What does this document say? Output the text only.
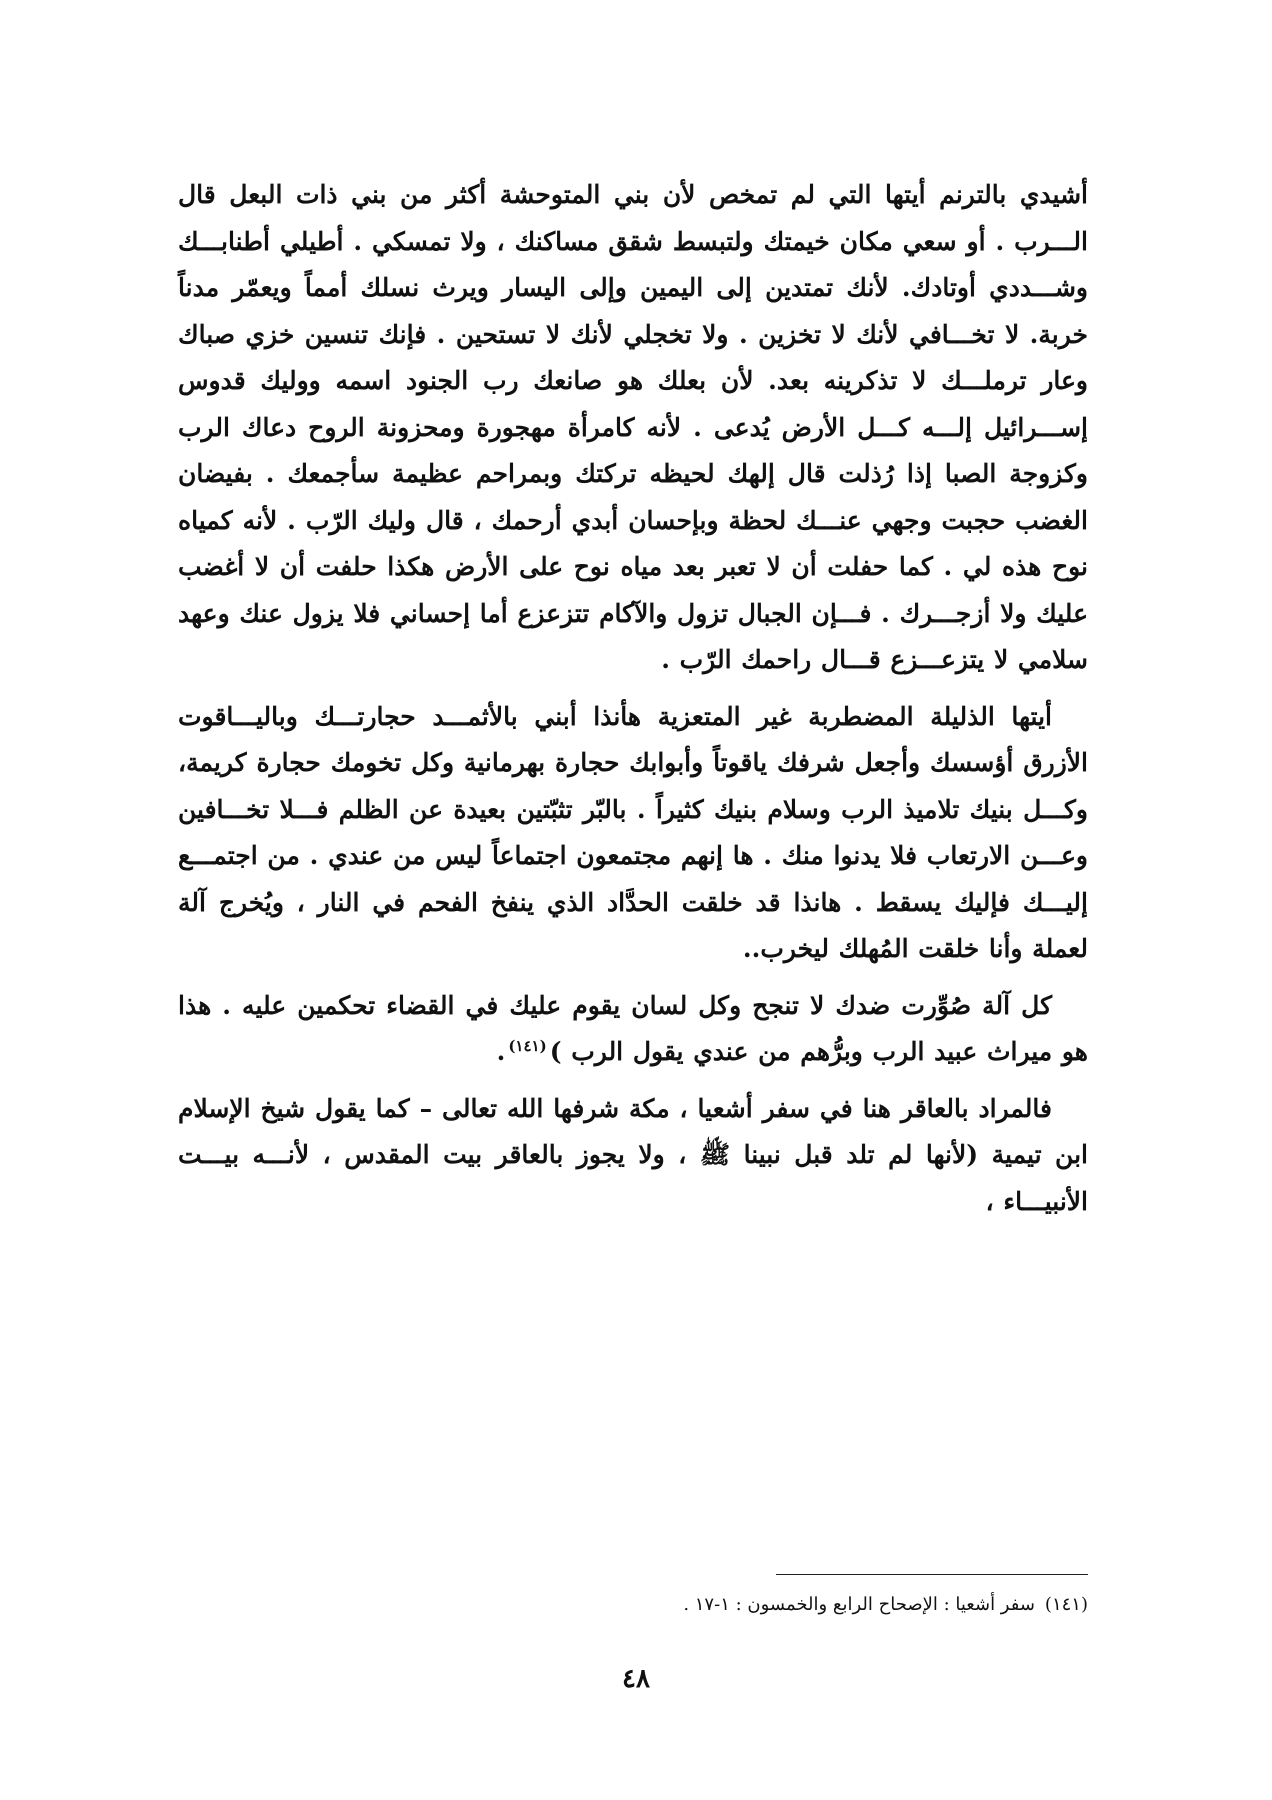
أشيدي بالترنم أيتها التي لم تمخص لأن بني المتوحشة أكثر من بني ذات البعل قال الـــرب . أو سعي مكان خيمتك ولتبسط شقق مساكنك ، ولا تمسكي . أطيلي أطنابـــك وشـــددي أوتادك. لأنك تمتدين إلى اليمين وإلى اليسار ويرث نسلك أمماً ويعمّر مدناً خربة. لا تخـــافي لأنك لا تخزين . ولا تخجلي لأنك لا تستحين . فإنك تنسين خزي صباك وعار ترملـــك لا تذكرينه بعد. لأن بعلك هو صانعك رب الجنود اسمه ووليك قدوس إســـرائيل إلـــه كـــل الأرض يُدعى . لأنه كامرأة مهجورة ومحزونة الروح دعاك الرب وكزوجة الصبا إذا رُذلت قال إلهك لحيظه تركتك وبمراحم عظيمة سأجمعك . بفيضان الغضب حجبت وجهي عنـــك لحظة وبإحسان أبدي أرحمك ، قال وليك الرّب . لأنه كمياه نوح هذه لي . كما حفلت أن لا تعبر بعد مياه نوح على الأرض هكذا حلفت أن لا أغضب عليك ولا أزجـــرك . فـــإن الجبال تزول والآكام تتزعزع أما إحساني فلا يزول عنك وعهد سلامي لا يتزعـــزع قـــال راحمك الرّب .

أيتها الذليلة المضطربة غير المتعزية هأنذا أبني بالأثمـــد حجارتـــك وباليـــاقوت الأزرق أؤسسك وأجعل شرفك ياقوتاً وأبوابك حجارة بهرمانية وكل تخومك حجارة كريمة، وكـــل بنيك تلاميذ الرب وسلام بنيك كثيراً . بالبّر تثبّتين بعيدة عن الظلم فـــلا تخـــافين وعـــن الارتعاب فلا يدنوا منك . ها إنهم مجتمعون اجتماعاً ليس من عندي . من اجتمـــع إليـــك فإليك يسقط . هانذا قد خلقت الحدَّاد الذي ينفخ الفحم في النار ، ويُخرج آلة لعملة وأنا خلقت المُهلك ليخرب..

كل آلة صُوِّرت ضدك لا تنجح وكل لسان يقوم عليك في القضاء تحكمين عليه . هذا هو ميراث عبيد الرب وبرُّهم من عندي يقول الرب )$^{(١٤١)}$.

فالمراد بالعاقر هنا في سفر أشعيا ، مكة شرفها الله تعالى – كما يقول شيخ الإسلام ابن تيمية (لأنها لم تلد قبل نبينا ﷺ ، ولا يجوز بالعاقر بيت المقدس ، لأنـــه بيـــت الأنبيـــاء ،

(١٤١)سفر أشعيا : الإصحاح الرابع والخمسون : ١-١٧ .
٤٨
